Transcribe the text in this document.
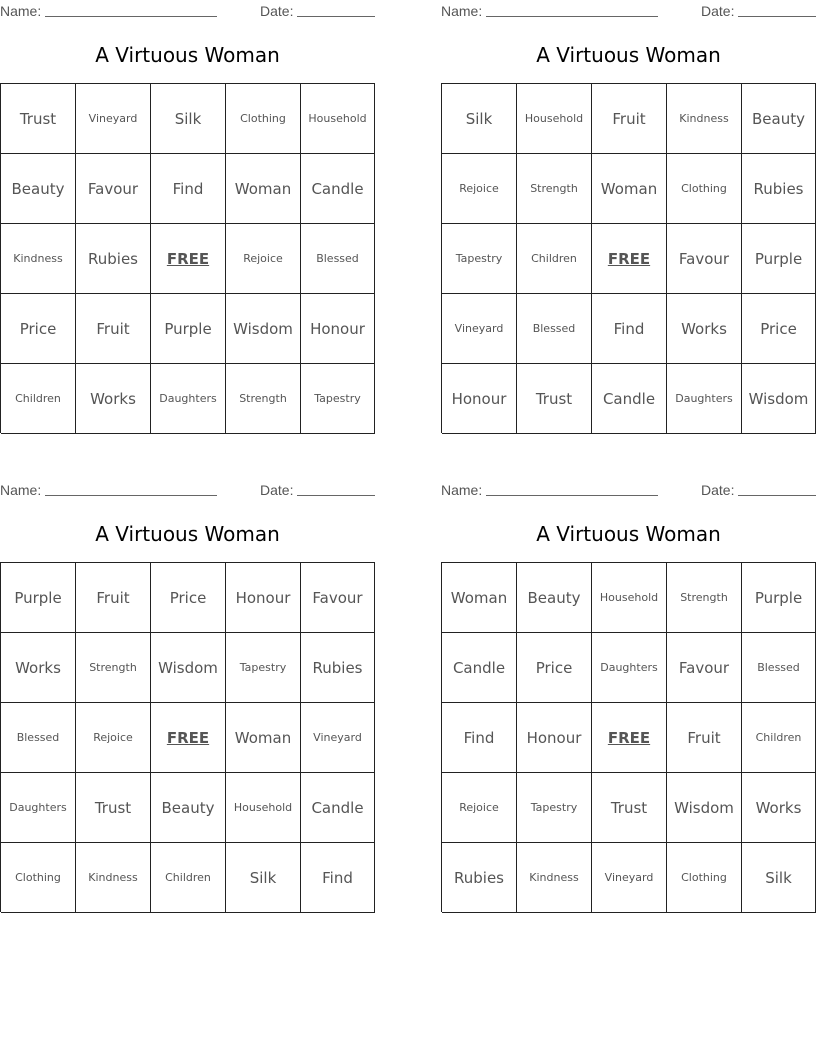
Name:	Date:
A Virtuous Woman
Trust	Vineyard	Silk	Clothing	Household
Beauty	Favour	Find	Woman	Candle
Kindness	Rubies	FREE	Rejoice	Blessed
Price	Fruit	Purple	Wisdom	Honour
Children	Works	Daughters	Strength	Tapestry
Name:	Date:
A Virtuous Woman
Silk	Household	Fruit	Kindness	Beauty
Rejoice	Strength	Woman	Clothing	Rubies
Tapestry	Children	FREE	Favour	Purple
Vineyard	Blessed	Find	Works	Price
Honour	Trust	Candle	Daughters	Wisdom
Name:	Date:
A Virtuous Woman
Purple	Fruit	Price	Honour	Favour
Works	Strength	Wisdom	Tapestry	Rubies
Blessed	Rejoice	FREE	Woman	Vineyard
Daughters	Trust	Beauty	Household	Candle
Clothing	Kindness	Children	Silk	Find
Name:	Date:
A Virtuous Woman
Woman	Beauty	Household	Strength	Purple
Candle	Price	Daughters	Favour	Blessed
Find	Honour	FREE	Fruit	Children
Rejoice	Tapestry	Trust	Wisdom	Works
Rubies	Kindness	Vineyard	Clothing	Silk
